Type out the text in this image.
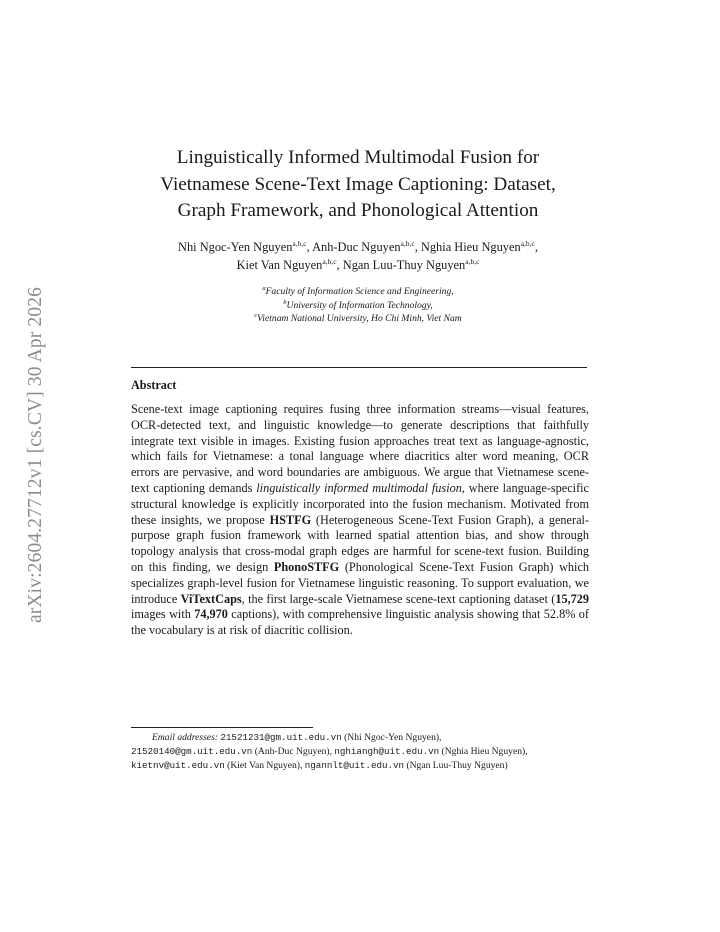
arXiv:2604.27712v1 [cs.CV] 30 Apr 2026
Linguistically Informed Multimodal Fusion for
Vietnamese Scene-Text Image Captioning: Dataset,
Graph Framework, and Phonological Attention
Nhi Ngoc-Yen Nguyen$^{a,b,c}$, Anh-Duc Nguyen$^{a,b,c}$, Nghia Hieu Nguyen$^{a,b,c}$,
Kiet Van Nguyen$^{a,b,c}$, Ngan Luu-Thuy Nguyen$^{a,b,c}$
$^a$Faculty of Information Science and Engineering,
$^b$University of Information Technology,
$^c$Vietnam National University, Ho Chi Minh, Viet Nam
Abstract
Scene-text image captioning requires fusing three information streams—visual features, OCR-detected text, and linguistic knowledge—to generate descriptions that faithfully integrate text visible in images. Existing fusion approaches treat text as language-agnostic, which fails for Vietnamese: a tonal language where diacritics alter word meaning, OCR errors are pervasive, and word boundaries are ambiguous. We argue that Vietnamese scene-text captioning demands linguistically informed multimodal fusion, where language-specific structural knowledge is explicitly incorporated into the fusion mechanism. Motivated from these insights, we propose HSTFG (Heterogeneous Scene-Text Fusion Graph), a general-purpose graph fusion framework with learned spatial attention bias, and show through topology analysis that cross-modal graph edges are harmful for scene-text fusion. Building on this finding, we design PhonoSTFG (Phonological Scene-Text Fusion Graph) which specializes graph-level fusion for Vietnamese linguistic reasoning. To support evaluation, we introduce ViTextCaps, the first large-scale Vietnamese scene-text captioning dataset (15,729 images with 74,970 captions), with comprehensive linguistic analysis showing that 52.8% of the vocabulary is at risk of diacritic collision.
Email addresses: 21521231@gm.uit.edu.vn (Nhi Ngoc-Yen Nguyen),
21520140@gm.uit.edu.vn (Anh-Duc Nguyen), nghiangh@uit.edu.vn (Nghia Hieu Nguyen), kietnv@uit.edu.vn (Kiet Van Nguyen), ngannlt@uit.edu.vn (Ngan Luu-Thuy Nguyen)
